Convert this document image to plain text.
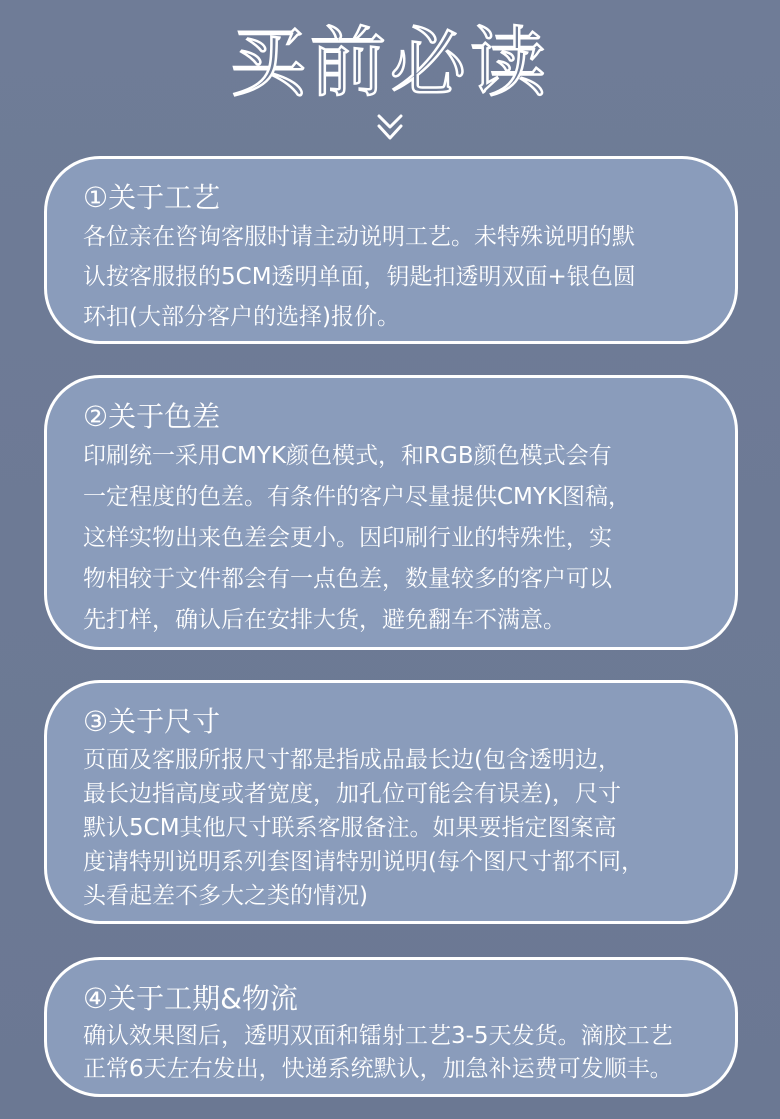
买前必读
①关于工艺

各位亲在咨询客服时请主动说明工艺。未特殊说明的默
认按客服报的5CM透明单面，钥匙扣透明双面+银色圆
环扣(大部分客户的选择)报价。

②关于色差

印刷统一采用CMYK颜色模式，和RGB颜色模式会有
一定程度的色差。有条件的客户尽量提供CMYK图稿，
这样实物出来色差会更小。因印刷行业的特殊性，实
物相较于文件都会有一点色差，数量较多的客户可以
先打样，确认后在安排大货，避免翻车不满意。

③关于尺寸

页面及客服所报尺寸都是指成品最长边(包含透明边，
最长边指高度或者宽度，加孔位可能会有误差)，尺寸
默认5CM其他尺寸联系客服备注。如果要指定图案高
度请特别说明系列套图请特别说明(每个图尺寸都不同，
头看起差不多大之类的情况)

④关于工期&物流

确认效果图后，透明双面和镭射工艺3-5天发货。滴胶工艺
正常6天左右发出，快递系统默认，加急补运费可发顺丰。
